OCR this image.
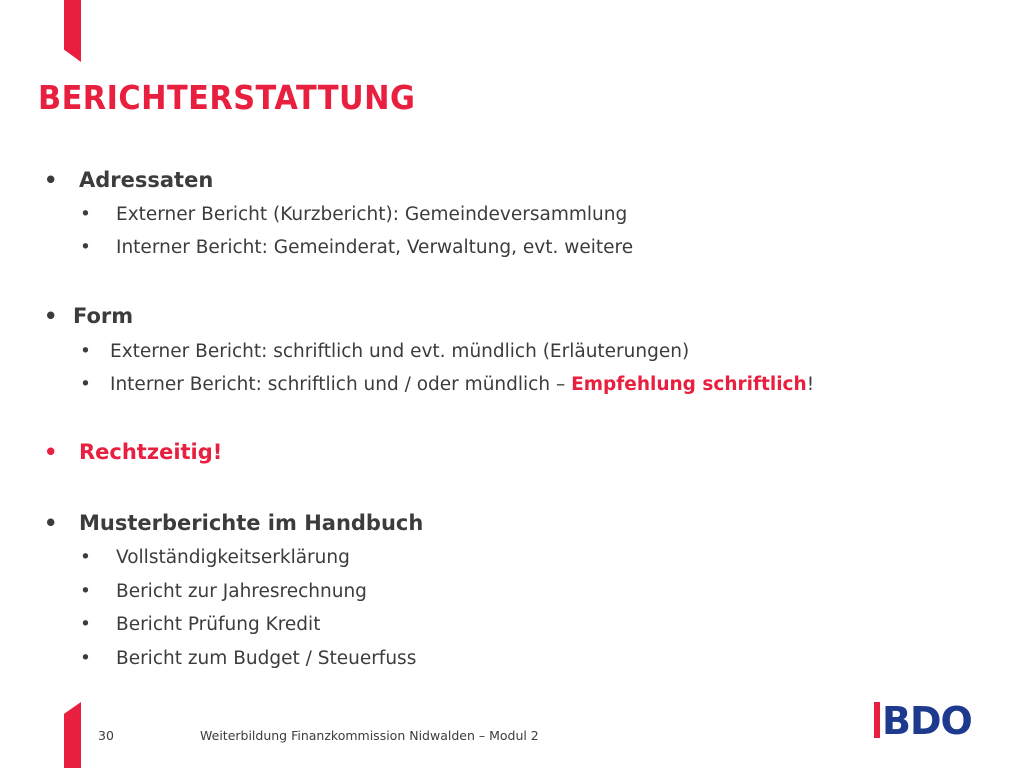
BERICHTERSTATTUNG
• Adressaten
• Externer Bericht (Kurzbericht): Gemeindeversammlung
• Interner Bericht: Gemeinderat, Verwaltung, evt. weitere
• Form
• Externer Bericht: schriftlich und evt. mündlich (Erläuterungen)
• Interner Bericht: schriftlich und / oder mündlich – Empfehlung schriftlich!
• Rechtzeitig!
• Musterberichte im Handbuch
• Vollständigkeitserklärung
• Bericht zur Jahresrechnung
• Bericht Prüfung Kredit
• Bericht zum Budget / Steuerfuss
30	Weiterbildung Finanzkommission Nidwalden – Modul 2	BDO
